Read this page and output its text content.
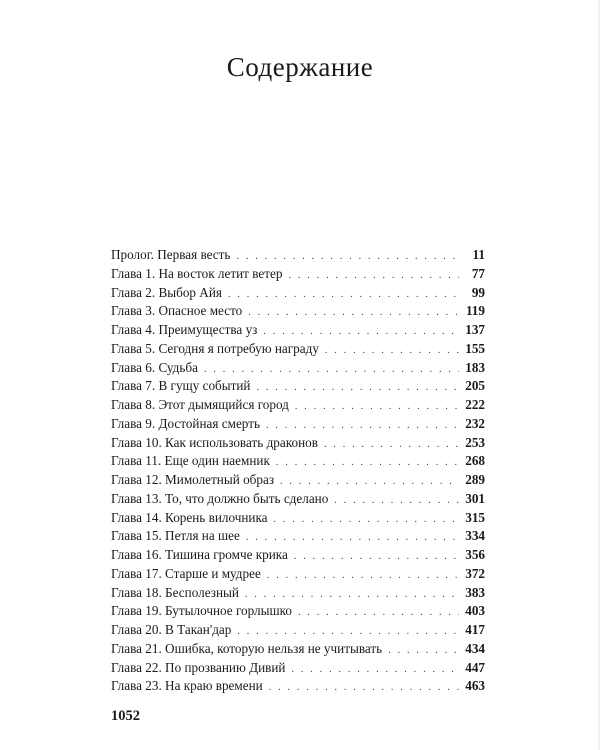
Содержание
Пролог. Первая весть . . .	11
Глава 1. На восток летит ветер . . .	77
Глава 2. Выбор Айя . . .	99
Глава 3. Опасное место . . .	119
Глава 4. Преимущества уз . . .	137
Глава 5. Сегодня я потребую награду . . .	155
Глава 6. Судьба . . .	183
Глава 7. В гущу событий . . .	205
Глава 8. Этот дымящийся город . . .	222
Глава 9. Достойная смерть . . .	232
Глава 10. Как использовать драконов . . .	253
Глава 11. Еще один наемник . . .	268
Глава 12. Мимолетный образ . . .	289
Глава 13. То, что должно быть сделано . . .	301
Глава 14. Корень вилочника . . .	315
Глава 15. Петля на шее . . .	334
Глава 16. Тишина громче крика . . .	356
Глава 17. Старше и мудрее . . .	372
Глава 18. Бесполезный . . .	383
Глава 19. Бутылочное горлышко . . .	403
Глава 20. В Такан'дар . . .	417
Глава 21. Ошибка, которую нельзя не учитывать . . .	434
Глава 22. По прозванию Дивий . . .	447
Глава 23. На краю времени . . .	463
1052
